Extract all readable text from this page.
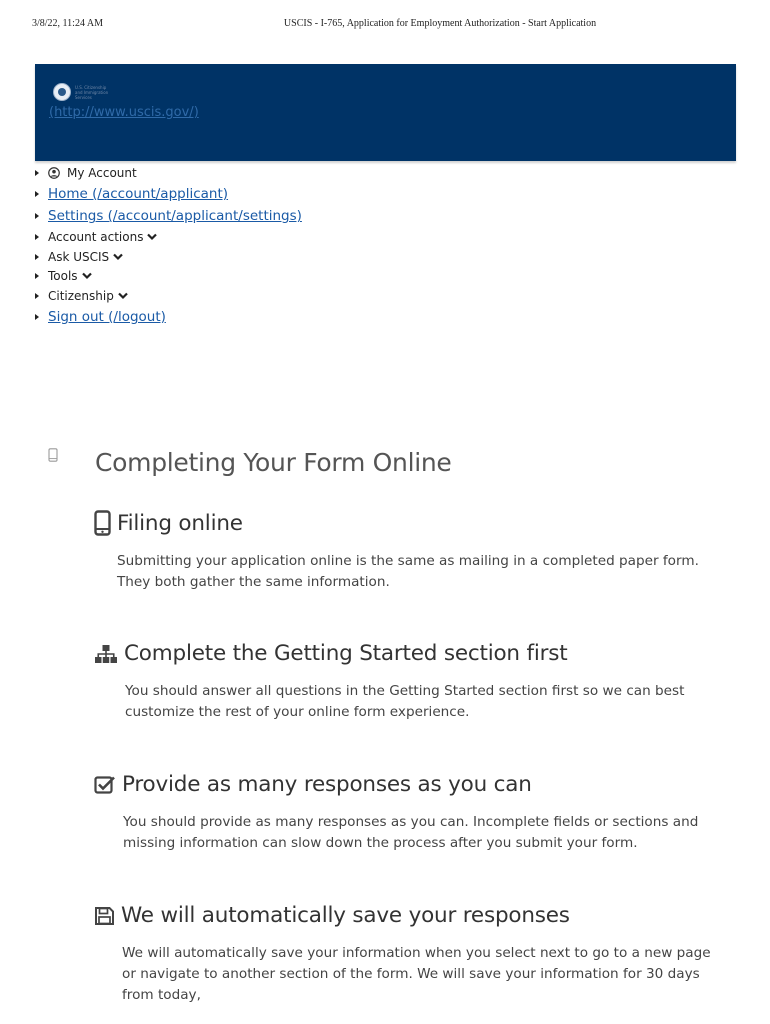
3/8/22, 11:24 AM	USCIS - I-765, Application for Employment Authorization - Start Application
U.S. Citizenship
and Immigration
Services
(http://www.uscis.gov/)
My Account
Home (/account/applicant)
Settings (/account/applicant/settings)
Account actions
Ask USCIS
Tools
Citizenship
Sign out (/logout)
Completing Your Form Online
Filing online
Submitting your application online is the same as mailing in a completed paper form. They both gather the same information.
Complete the Getting Started section first
You should answer all questions in the Getting Started section first so we can best customize the rest of your online form experience.
Provide as many responses as you can
You should provide as many responses as you can. Incomplete fields or sections and missing information can slow down the process after you submit your form.
We will automatically save your responses
We will automatically save your information when you select next to go to a new page or navigate to another section of the form. We will save your information for 30 days from today,
